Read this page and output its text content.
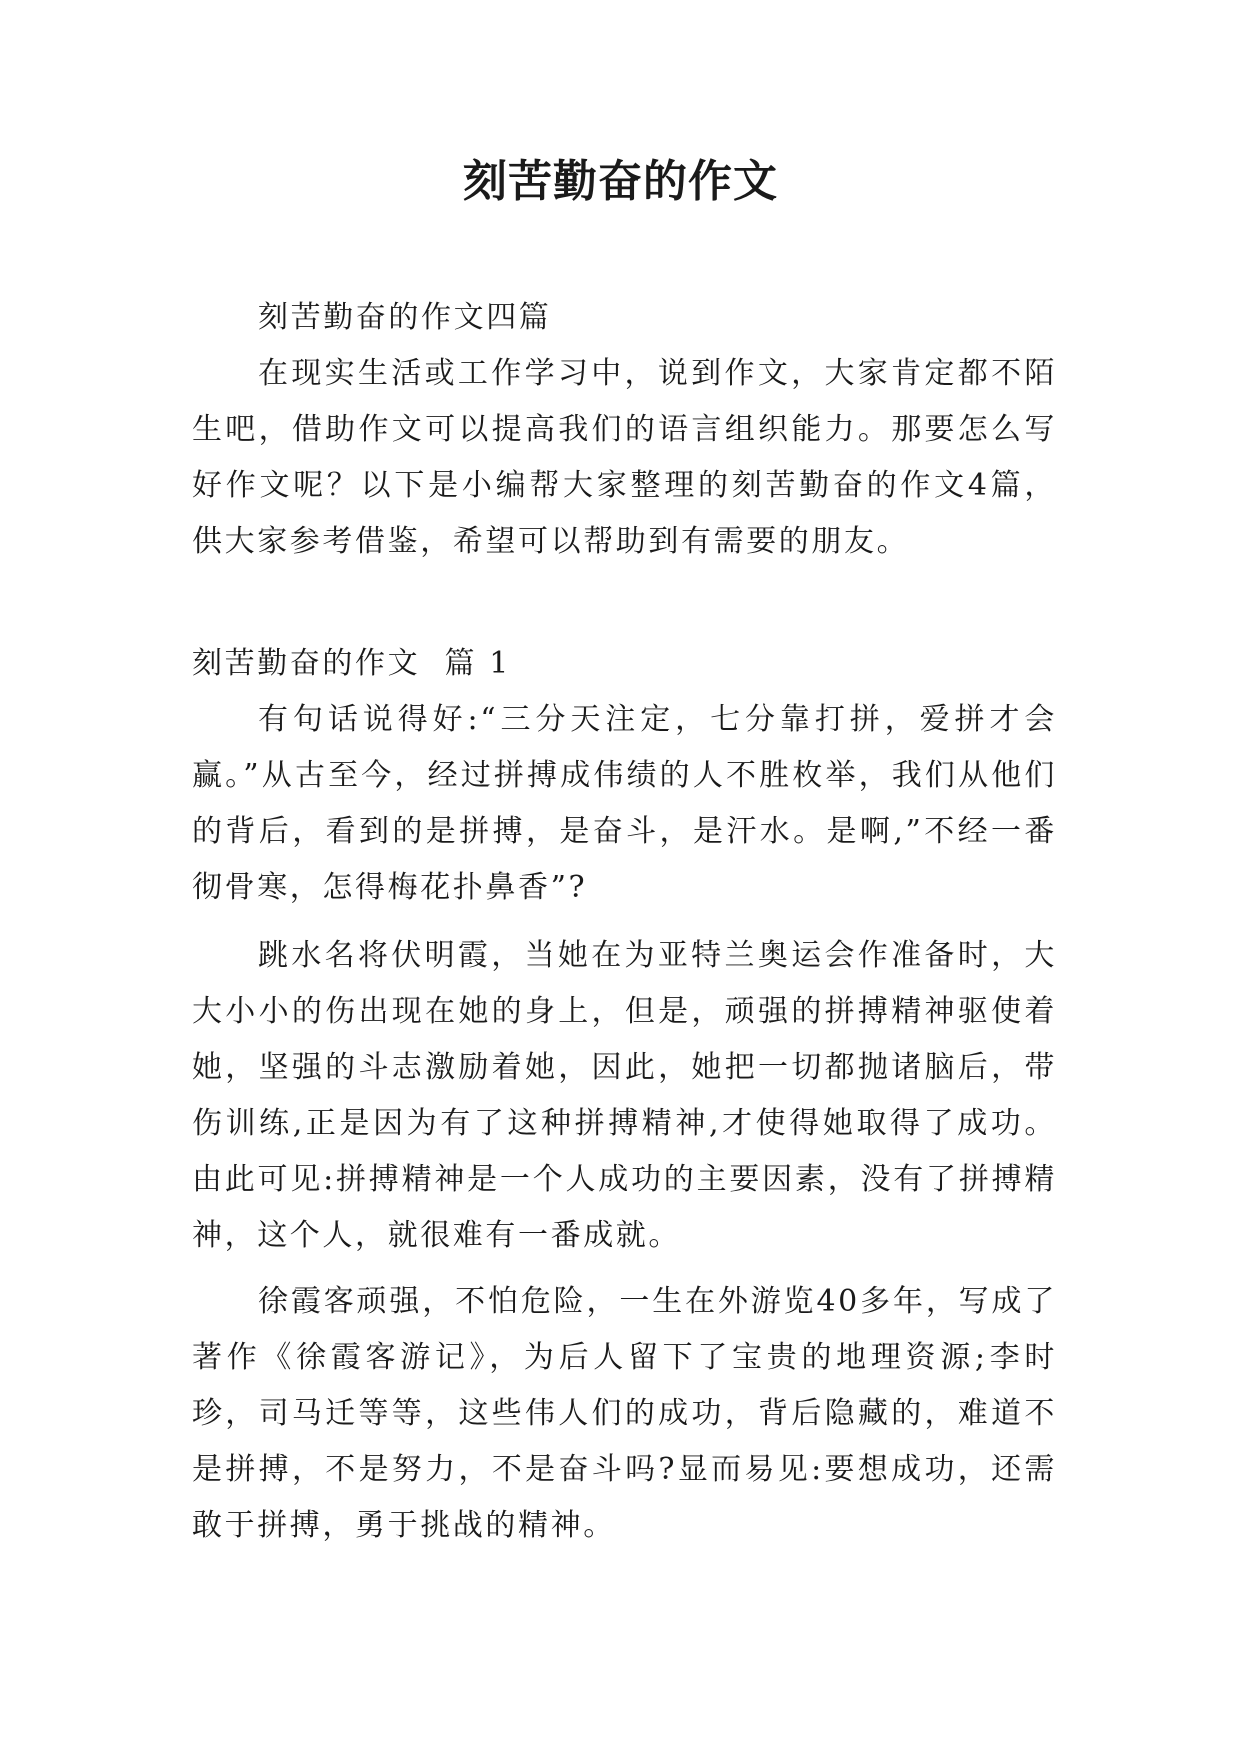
刻苦勤奋的作文

刻苦勤奋的作文四篇

在现实生活或工作学习中，说到作文，大家肯定都不陌生吧，借助作文可以提高我们的语言组织能力。那要怎么写好作文呢？以下是小编帮大家整理的刻苦勤奋的作文4篇，供大家参考借鉴，希望可以帮助到有需要的朋友。

刻苦勤奋的作文  篇 1

有句话说得好:“三分天注定，七分靠打拼，爱拼才会赢。”从古至今，经过拼搏成伟绩的人不胜枚举，我们从他们的背后，看到的是拼搏，是奋斗，是汗水。是啊,”不经一番彻骨寒，怎得梅花扑鼻香”?

跳水名将伏明霞，当她在为亚特兰奥运会作准备时，大大小小的伤出现在她的身上，但是，顽强的拼搏精神驱使着她，坚强的斗志激励着她，因此，她把一切都抛诸脑后，带伤训练,正是因为有了这种拼搏精神,才使得她取得了成功。由此可见:拼搏精神是一个人成功的主要因素，没有了拼搏精神，这个人，就很难有一番成就。

徐霞客顽强，不怕危险，一生在外游览40多年，写成了著作《徐霞客游记》，为后人留下了宝贵的地理资源;李时珍，司马迁等等，这些伟人们的成功，背后隐藏的，难道不是拼搏，不是努力，不是奋斗吗?显而易见:要想成功，还需敢于拼搏，勇于挑战的精神。
